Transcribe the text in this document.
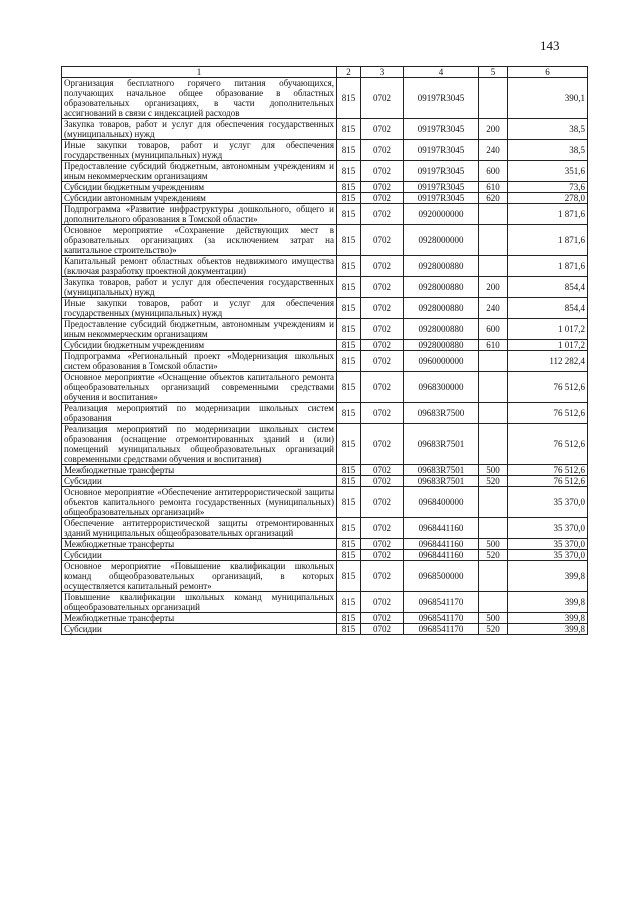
143
1	2	3	4	5	6
Организация бесплатного горячего питания обучающихся, получающих начальное общее образование в областных образовательных организациях, в части дополнительных ассигнований в связи с индексацией расходов	815	0702	09197R3045		390,1
Закупка товаров, работ и услуг для обеспечения государственных (муниципальных) нужд	815	0702	09197R3045	200	38,5
Иные закупки товаров, работ и услуг для обеспечения государственных (муниципальных) нужд	815	0702	09197R3045	240	38,5
Предоставление субсидий бюджетным, автономным учреждениям и иным некоммерческим организациям	815	0702	09197R3045	600	351,6
Субсидии бюджетным учреждениям	815	0702	09197R3045	610	73,6
Субсидии автономным учреждениям	815	0702	09197R3045	620	278,0
Подпрограмма «Развитие инфраструктуры дошкольного, общего и дополнительного образования в Томской области»	815	0702	0920000000		1 871,6
Основное мероприятие «Сохранение действующих мест в образовательных организациях (за исключением затрат на капитальное строительство)»	815	0702	0928000000		1 871,6
Капитальный ремонт областных объектов недвижимого имущества (включая разработку проектной документации)	815	0702	0928000880		1 871,6
Закупка товаров, работ и услуг для обеспечения государственных (муниципальных) нужд	815	0702	0928000880	200	854,4
Иные закупки товаров, работ и услуг для обеспечения государственных (муниципальных) нужд	815	0702	0928000880	240	854,4
Предоставление субсидий бюджетным, автономным учреждениям и иным некоммерческим организациям	815	0702	0928000880	600	1 017,2
Субсидии бюджетным учреждениям	815	0702	0928000880	610	1 017,2
Подпрограмма «Региональный проект «Модернизация школьных систем образования в Томской области»	815	0702	0960000000		112 282,4
Основное мероприятие «Оснащение объектов капитального ремонта общеобразовательных организаций современными средствами обучения и воспитания»	815	0702	0968300000		76 512,6
Реализация мероприятий по модернизации школьных систем образования	815	0702	09683R7500		76 512,6
Реализация мероприятий по модернизации школьных систем образования (оснащение отремонтированных зданий и (или) помещений муниципальных общеобразовательных организаций современными средствами обучения и воспитания)	815	0702	09683R7501		76 512,6
Межбюджетные трансферты	815	0702	09683R7501	500	76 512,6
Субсидии	815	0702	09683R7501	520	76 512,6
Основное мероприятие «Обеспечение антитеррористической защиты объектов капитального ремонта государственных (муниципальных) общеобразовательных организаций»	815	0702	0968400000		35 370,0
Обеспечение антитеррористической защиты отремонтированных зданий муниципальных общеобразовательных организаций	815	0702	0968441160		35 370,0
Межбюджетные трансферты	815	0702	0968441160	500	35 370,0
Субсидии	815	0702	0968441160	520	35 370,0
Основное мероприятие «Повышение квалификации школьных команд общеобразовательных организаций, в которых осуществляется капитальный ремонт»	815	0702	0968500000		399,8
Повышение квалификации школьных команд муниципальных общеобразовательных организаций	815	0702	0968541170		399,8
Межбюджетные трансферты	815	0702	0968541170	500	399,8
Субсидии	815	0702	0968541170	520	399,8
